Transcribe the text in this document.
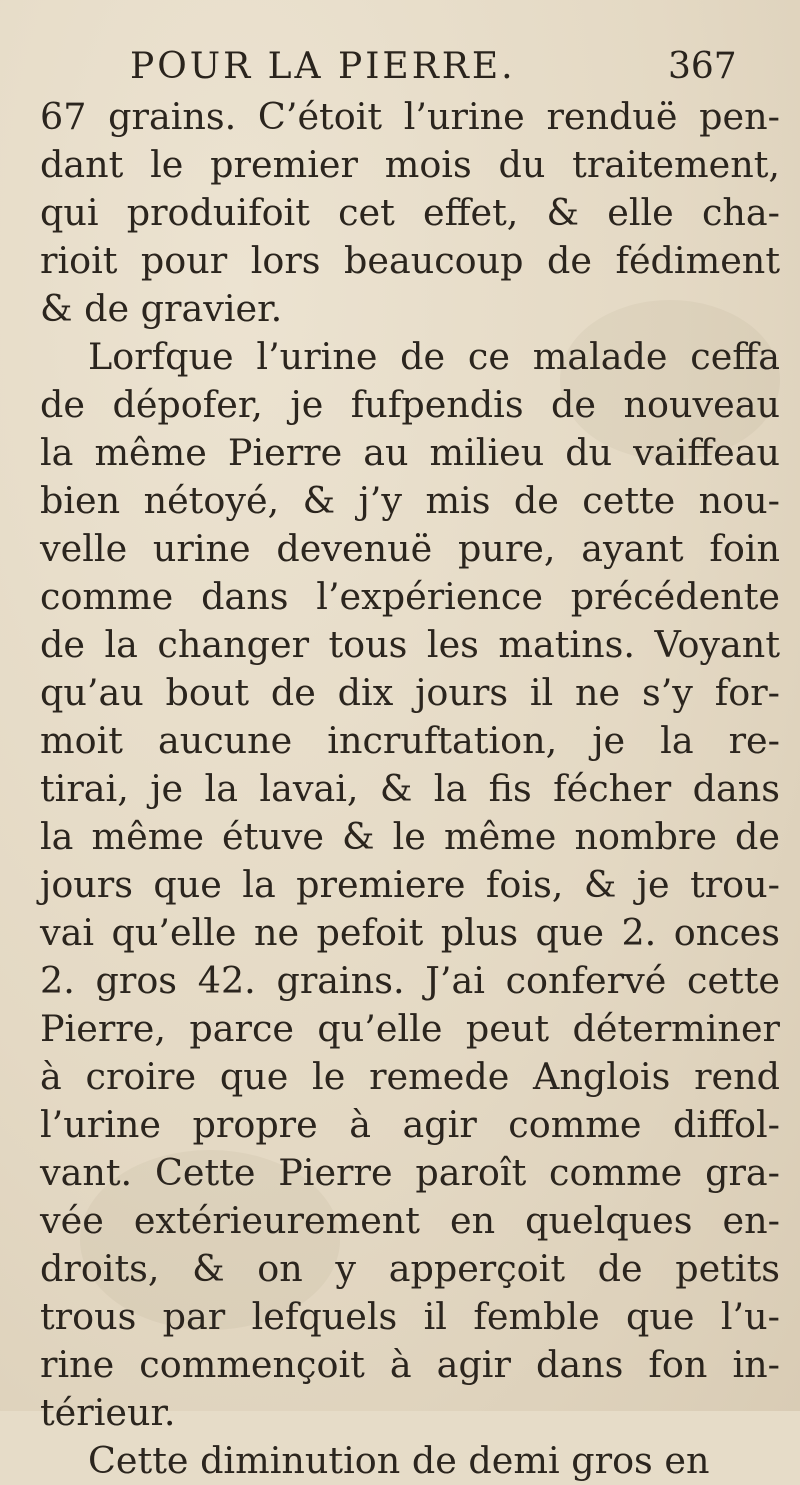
POUR LA PIERRE.	367
67 grains. C’étoit l’urine renduë pen-
dant le premier mois du traitement,
qui produifoit cet effet, & elle cha-
rioit pour lors beaucoup de fédiment
& de gravier.
Lorfque l’urine de ce malade ceffa
de dépofer, je fufpendis de nouveau
la même Pierre au milieu du vaiffeau
bien nétoyé, & j’y mis de cette nou-
velle urine devenuë pure, ayant foin
comme dans l’expérience précédente
de la changer tous les matins. Voyant
qu’au bout de dix jours il ne s’y for-
moit aucune incruftation, je la re-
tirai, je la lavai, & la fis fécher dans
la même étuve & le même nombre de
jours que la premiere fois, & je trou-
vai qu’elle ne pefoit plus que 2. onces
2. gros 42. grains. J’ai confervé cette
Pierre, parce qu’elle peut déterminer
à croire que le remede Anglois rend
l’urine propre à agir comme diffol-
vant. Cette Pierre paroît comme gra-
vée extérieurement en quelques en-
droits, & on y apperçoit de petits
trous par lefquels il femble que l’u-
rine commençoit à agir dans fon in-
térieur.
Cette diminution de demi gros en
